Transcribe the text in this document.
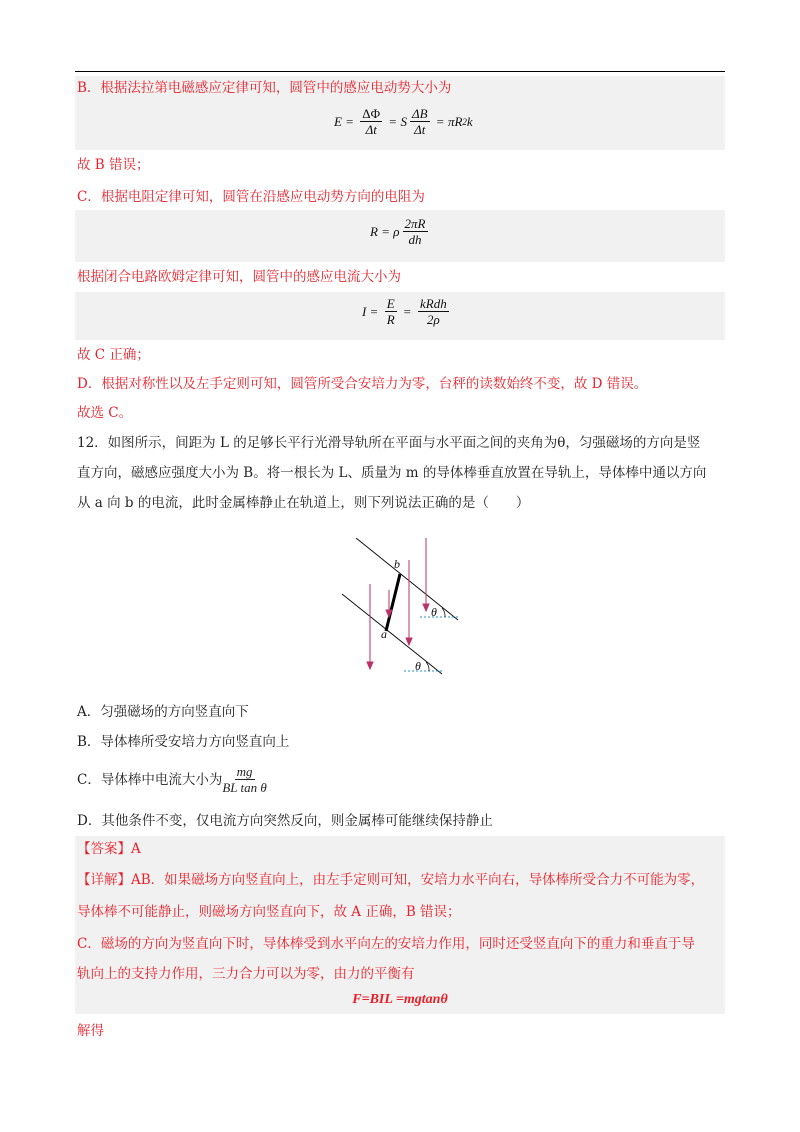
B．根据法拉第电磁感应定律可知，圆管中的感应电动势大小为
$E = \frac{\Delta\Phi}{\Delta t} = S \frac{\Delta B}{\Delta t} = \pi R$ 2 k
故 B 错误；
C．根据电阻定律可知，圆管在沿感应电动势方向的电阻为
R = ρ $\frac{2\pi R}{dh}$
根据闭合电路欧姆定律可知，圆管中的感应电流大小为
$I = \frac{E}{R} = \frac{\text{kRdh}}{2\rho}$
故 C 正确；
D．根据对称性以及左手定则可知，圆管所受合安培力为零，台秤的读数始终不变，故 D 错误。
故选 C。
12．如图所示，间距为 L 的足够长平行光滑导轨所在平面与水平面之间的夹角为θ，匀强磁场的方向是竖
直方向，磁感应强度大小为 B。将一根长为 L、质量为 m 的导体棒垂直放置在导轨上，导体棒中通以方向
从 a 向 b 的电流，此时金属棒静止在轨道上，则下列说法正确的是（　　）
b
a
θ
θ
A．匀强磁场的方向竖直向下
B．导体棒所受安培力方向竖直向上
C．导体棒中电流大小为 $\frac{mg}{\text{BL tan θ}}$
D．其他条件不变，仅电流方向突然反向，则金属棒可能继续保持静止
【答案】A
【详解】AB．如果磁场方向竖直向上，由左手定则可知，安培力水平向右，导体棒所受合力不可能为零，
导体棒不可能静止，则磁场方向竖直向下，故 A 正确，B 错误；
C．磁场的方向为竖直向下时，导体棒受到水平向左的安培力作用，同时还受竖直向下的重力和垂直于导
轨向上的支持力作用，三力合力可以为零，由力的平衡有
F=BIL =mgtanθ
解得
